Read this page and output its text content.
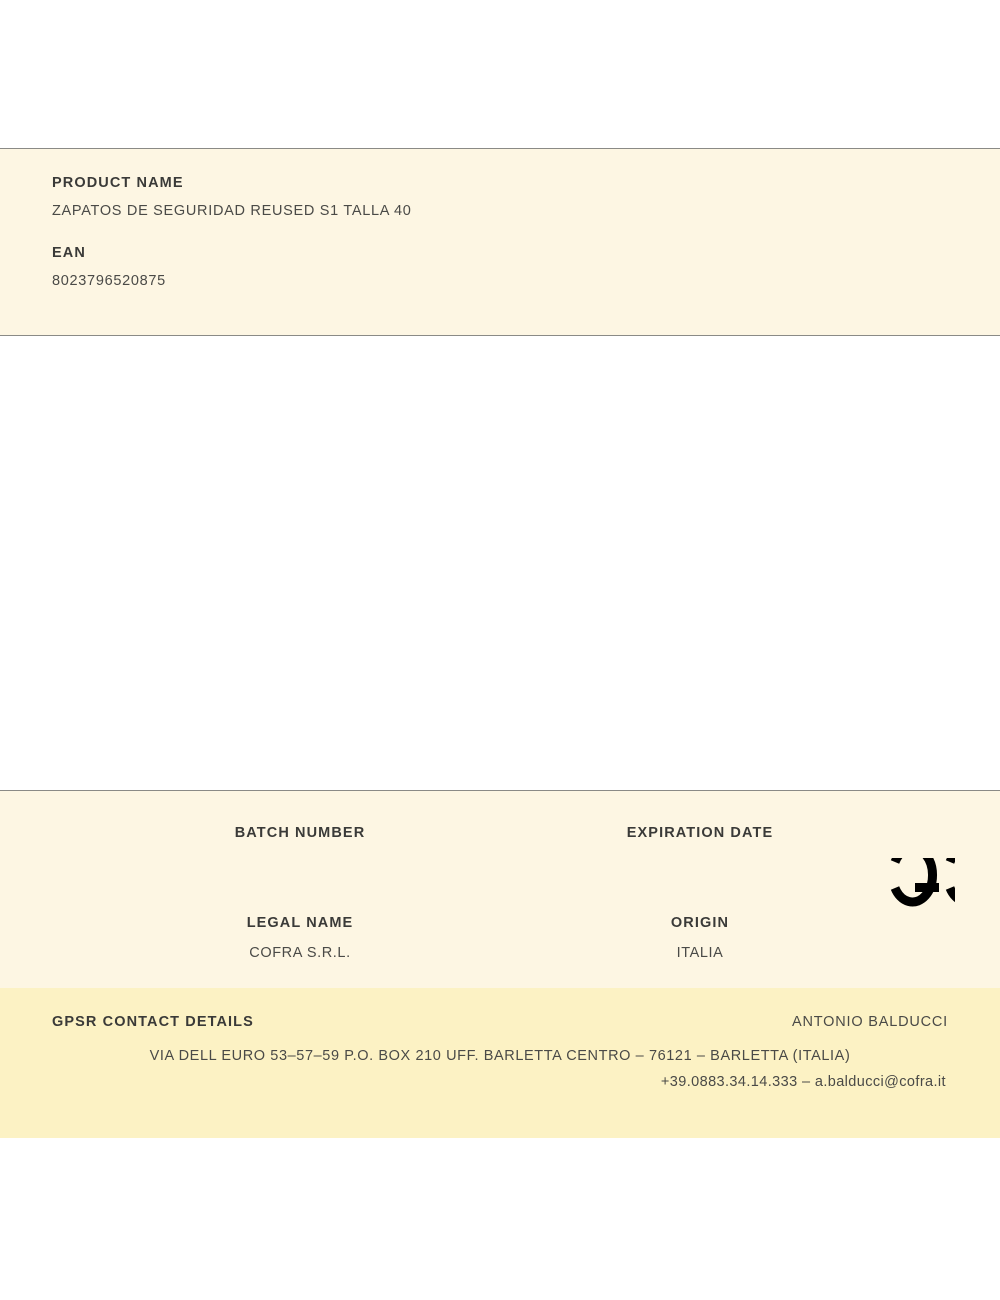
PRODUCT NAME
ZAPATOS DE SEGURIDAD REUSED S1 TALLA 40
EAN
8023796520875
BATCH NUMBER	EXPIRATION DATE
LEGAL NAME
COFRA S.R.L.
ORIGIN
ITALIA
GPSR CONTACT DETAILS	ANTONIO BALDUCCI
VIA DELL EURO 53–57–59 P.O. BOX 210 UFF. BARLETTA CENTRO – 76121 – BARLETTA (ITALIA)
+39.0883.34.14.333 – a.balducci@cofra.it
